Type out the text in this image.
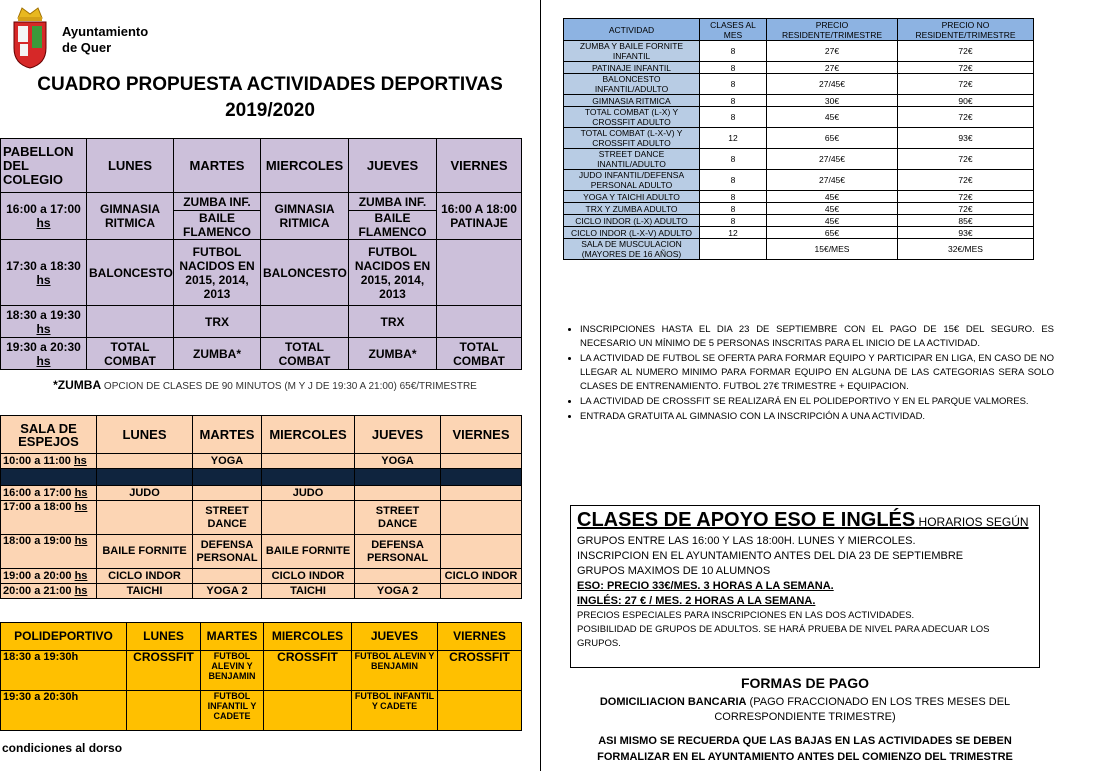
Ayuntamiento
de Quer
CUADRO PROPUESTA ACTIVIDADES DEPORTIVAS
2019/2020
PABELLON DEL COLEGIO	LUNES	MARTES	MIERCOLES	JUEVES	VIERNES
16:00 a 17:00 hs	GIMNASIA RITMICA	ZUMBA INF.	GIMNASIA RITMICA	ZUMBA INF.	16:00 A 18:00 PATINAJE
		BAILE FLAMENCO		BAILE FLAMENCO	
17:30 a 18:30 hs	BALONCESTO	FUTBOL NACIDOS EN 2015, 2014, 2013	BALONCESTO	FUTBOL NACIDOS EN 2015, 2014, 2013	
18:30 a 19:30 hs		TRX		TRX	
19:30 a 20:30 hs	TOTAL COMBAT	ZUMBA*	TOTAL COMBAT	ZUMBA*	TOTAL COMBAT
*ZUMBA OPCION DE CLASES DE 90 MINUTOS (M Y J DE 19:30 A 21:00) 65€/TRIMESTRE
SALA DE ESPEJOS	LUNES	MARTES	MIERCOLES	JUEVES	VIERNES
10:00 a 11:00 hs		YOGA		YOGA	

16:00 a 17:00 hs	JUDO		JUDO		
17:00 a 18:00 hs		STREET DANCE		STREET DANCE	
18:00 a 19:00 hs	BAILE FORNITE	DEFENSA PERSONAL	BAILE FORNITE	DEFENSA PERSONAL	
19:00 a 20:00 hs	CICLO INDOR		CICLO INDOR		CICLO INDOR
20:00 a 21:00 hs	TAICHI	YOGA 2	TAICHI	YOGA 2	
POLIDEPORTIVO	LUNES	MARTES	MIERCOLES	JUEVES	VIERNES
18:30 a 19:30h	CROSSFIT	FUTBOL ALEVIN Y BENJAMIN	CROSSFIT	FUTBOL ALEVIN Y BENJAMIN	CROSSFIT
19:30 a 20:30h		FUTBOL INFANTIL Y CADETE		FUTBOL INFANTIL Y CADETE	
condiciones al dorso
ACTIVIDAD	CLASES AL MES	PRECIO RESIDENTE/TRIMESTRE	PRECIO NO RESIDENTE/TRIMESTRE
ZUMBA Y BAILE FORNITE INFANTIL	8	27€	72€
PATINAJE INFANTIL	8	27€	72€
BALONCESTO INFANTIL/ADULTO	8	27/45€	72€
GIMNASIA RITMICA	8	30€	90€
TOTAL COMBAT (L-X) Y CROSSFIT ADULTO	8	45€	72€
TOTAL COMBAT (L-X-V) Y CROSSFIT ADULTO	12	65€	93€
STREET DANCE INANTIL/ADULTO	8	27/45€	72€
JUDO INFANTIL/DEFENSA PERSONAL ADULTO	8	27/45€	72€
YOGA Y TAICHI ADULTO	8	45€	72€
TRX Y ZUMBA ADULTO	8	45€	72€
CICLO INDOR (L-X) ADULTO	8	45€	85€
CICLO INDOR (L-X-V) ADULTO	12	65€	93€
SALA DE MUSCULACION (MAYORES DE 16 AÑOS)		15€/MES	32€/MES
• INSCRIPCIONES HASTA EL DIA 23 DE SEPTIEMBRE CON EL PAGO DE 15€ DEL SEGURO. ES NECESARIO UN MÍNIMO DE 5 PERSONAS INSCRITAS PARA EL INICIO DE LA ACTIVIDAD.
• LA ACTIVIDAD DE FUTBOL SE OFERTA PARA FORMAR EQUIPO Y PARTICIPAR EN LIGA, EN CASO DE NO LLEGAR AL NUMERO MINIMO PARA FORMAR EQUIPO EN ALGUNA DE LAS CATEGORIAS SERA SOLO CLASES DE ENTRENAMIENTO. FUTBOL 27€ TRIMESTRE + EQUIPACION.
• LA ACTIVIDAD DE CROSSFIT SE REALIZARÁ EN EL POLIDEPORTIVO Y EN EL PARQUE VALMORES.
• ENTRADA GRATUITA AL GIMNASIO CON LA INSCRIPCIÓN A UNA ACTIVIDAD.
CLASES DE APOYO ESO E INGLÉS HORARIOS SEGÚN
GRUPOS ENTRE LAS 16:00 Y LAS 18:00H. LUNES Y MIERCOLES.
INSCRIPCION EN EL AYUNTAMIENTO ANTES DEL DIA 23 DE SEPTIEMBRE
GRUPOS MAXIMOS DE 10 ALUMNOS
ESO: PRECIO 33€/MES. 3 HORAS A LA SEMANA.
INGLÉS: 27 € / MES. 2 HORAS A LA SEMANA.
PRECIOS ESPECIALES PARA INSCRIPCIONES EN LAS DOS ACTIVIDADES.
POSIBILIDAD DE GRUPOS DE ADULTOS. SE HARÁ PRUEBA DE NIVEL PARA ADECUAR LOS GRUPOS.
FORMAS DE PAGO
DOMICILIACION BANCARIA (PAGO FRACCIONADO EN LOS TRES MESES DEL CORRESPONDIENTE TRIMESTRE)
ASI MISMO SE RECUERDA QUE LAS BAJAS EN LAS ACTIVIDADES SE DEBEN FORMALIZAR EN EL AYUNTAMIENTO ANTES DEL COMIENZO DEL TRIMESTRE
